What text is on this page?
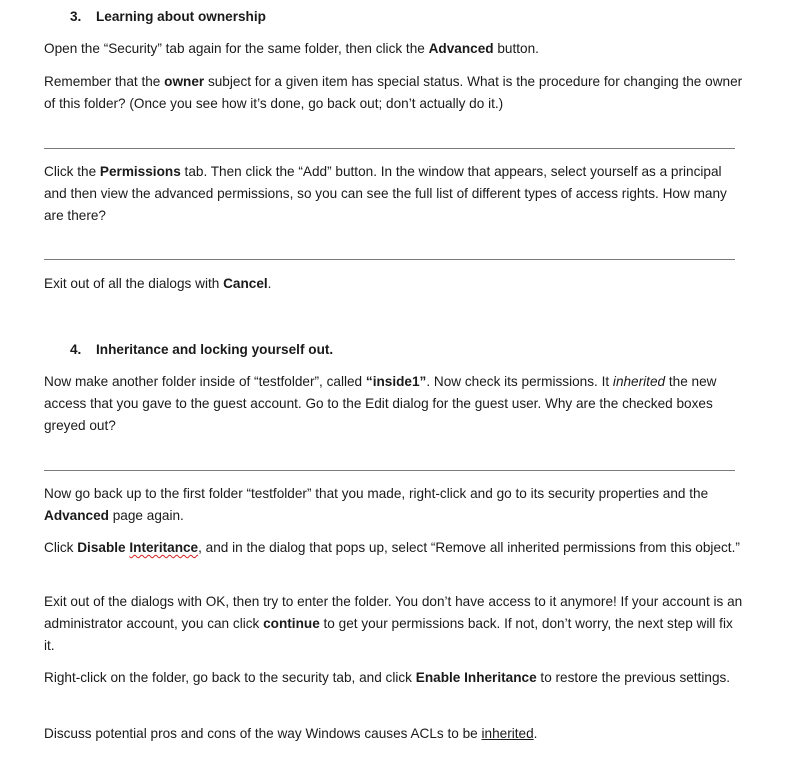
3. Learning about ownership

Open the “Security” tab again for the same folder, then click the Advanced button.

Remember that the owner subject for a given item has special status. What is the procedure for changing the owner of this folder? (Once you see how it’s done, go back out; don’t actually do it.)

Click the Permissions tab. Then click the “Add” button. In the window that appears, select yourself as a principal and then view the advanced permissions, so you can see the full list of different types of access rights. How many are there?

Exit out of all the dialogs with Cancel.

4. Inheritance and locking yourself out.

Now make another folder inside of “testfolder”, called “inside1”. Now check its permissions. It inherited the new access that you gave to the guest account. Go to the Edit dialog for the guest user. Why are the checked boxes greyed out?

Now go back up to the first folder “testfolder” that you made, right-click and go to its security properties and the Advanced page again.

Click Disable Interitance, and in the dialog that pops up, select “Remove all inherited permissions from this object.”

Exit out of the dialogs with OK, then try to enter the folder. You don’t have access to it anymore! If your account is an administrator account, you can click continue to get your permissions back. If not, don’t worry, the next step will fix it.

Right-click on the folder, go back to the security tab, and click Enable Inheritance to restore the previous settings.

Discuss potential pros and cons of the way Windows causes ACLs to be inherited.
